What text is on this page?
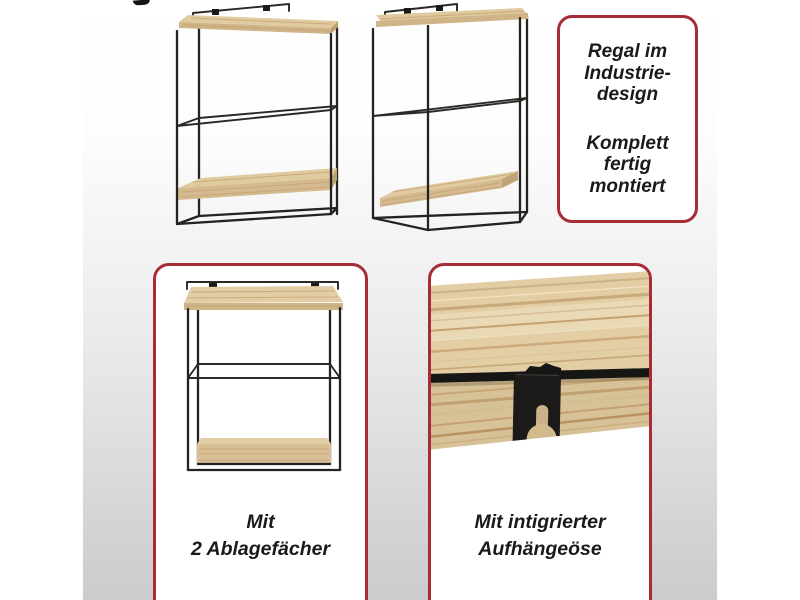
Regal im
Industrie-
design

Komplett
fertig
montiert

Mit
2 Ablagefächer
Mit intigrierter
Aufhängeöse
